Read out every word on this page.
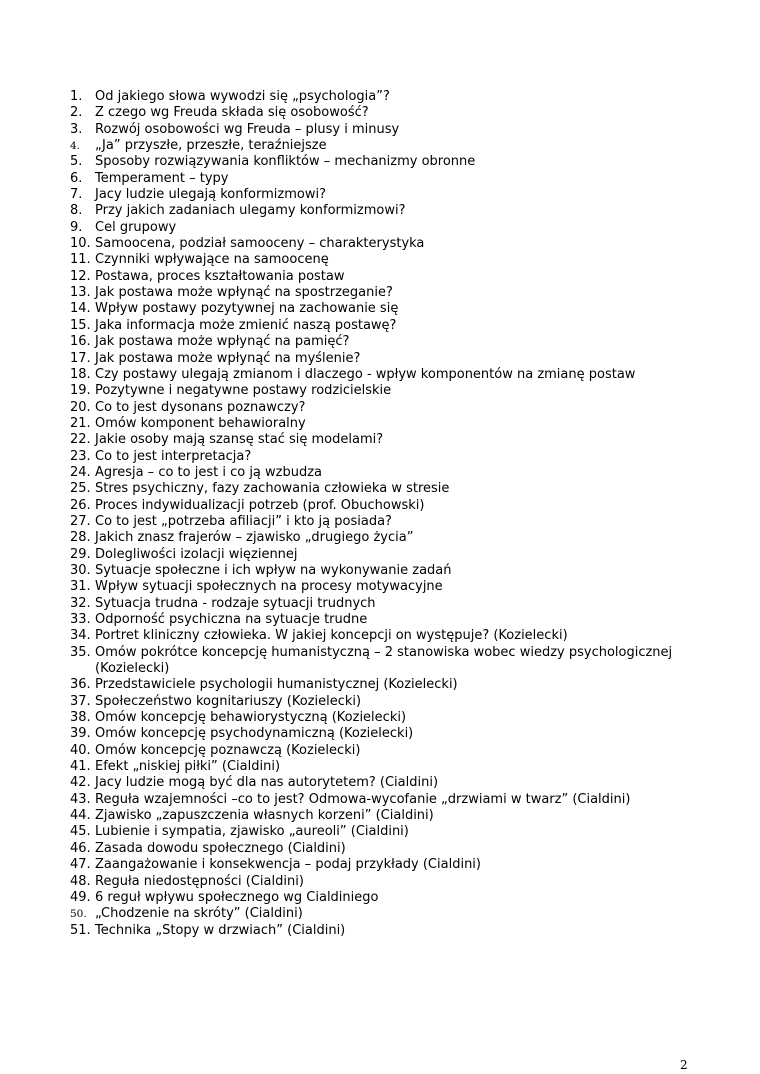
1. Od jakiego słowa wywodzi się „psychologia”?
2. Z czego wg Freuda składa się osobowość?
3. Rozwój osobowości wg Freuda – plusy i minusy
4.	„Ja” przyszłe, przeszłe, teraźniejsze
5. Sposoby rozwiązywania konfliktów – mechanizmy obronne
6. Temperament – typy
7. Jacy ludzie ulegają konformizmowi?
8. Przy jakich zadaniach ulegamy konformizmowi?
9. Cel grupowy
10. Samoocena, podział samooceny – charakterystyka
11. Czynniki wpływające na samoocenę
12. Postawa, proces kształtowania postaw
13. Jak postawa może wpłynąć na spostrzeganie?
14. Wpływ postawy pozytywnej na zachowanie się
15. Jaka informacja może zmienić naszą postawę?
16. Jak postawa może wpłynąć na pamięć?
17. Jak postawa może wpłynąć na myślenie?
18. Czy postawy ulegają zmianom i dlaczego - wpływ komponentów na zmianę postaw
19. Pozytywne i negatywne postawy rodzicielskie
20. Co to jest dysonans poznawczy?
21. Omów komponent behawioralny
22. Jakie osoby mają szansę stać się modelami?
23. Co to jest interpretacja?
24. Agresja – co to jest i co ją wzbudza
25. Stres psychiczny, fazy zachowania człowieka w stresie
26. Proces indywidualizacji potrzeb (prof. Obuchowski)
27. Co to jest „potrzeba afiliacji” i kto ją posiada?
28. Jakich znasz frajerów – zjawisko „drugiego życia”
29. Dolegliwości izolacji więziennej
30. Sytuacje społeczne i ich wpływ na wykonywanie zadań
31. Wpływ sytuacji społecznych na procesy motywacyjne
32. Sytuacja trudna - rodzaje sytuacji trudnych
33. Odporność psychiczna na sytuacje trudne
34. Portret kliniczny człowieka. W jakiej koncepcji on występuje? (Kozielecki)
35. Omów pokrótce koncepcję humanistyczną – 2 stanowiska wobec wiedzy psychologicznej (Kozielecki)
36. Przedstawiciele psychologii humanistycznej (Kozielecki)
37. Społeczeństwo kognitariuszy (Kozielecki)
38. Omów koncepcję behawiorystyczną (Kozielecki)
39. Omów koncepcję psychodynamiczną (Kozielecki)
40. Omów koncepcję poznawczą (Kozielecki)
41. Efekt „niskiej piłki” (Cialdini)
42. Jacy ludzie mogą być dla nas autorytetem? (Cialdini)
43. Reguła wzajemności –co to jest? Odmowa-wycofanie „drzwiami w twarz” (Cialdini)
44. Zjawisko „zapuszczenia własnych korzeni” (Cialdini)
45. Lubienie i sympatia, zjawisko „aureoli” (Cialdini)
46. Zasada dowodu społecznego (Cialdini)
47. Zaangażowanie i konsekwencja – podaj przykłady (Cialdini)
48. Reguła niedostępności (Cialdini)
49. 6 reguł wpływu społecznego wg Cialdiniego
50. „Chodzenie na skróty” (Cialdini)
51. Technika „Stopy w drzwiach” (Cialdini)
2
